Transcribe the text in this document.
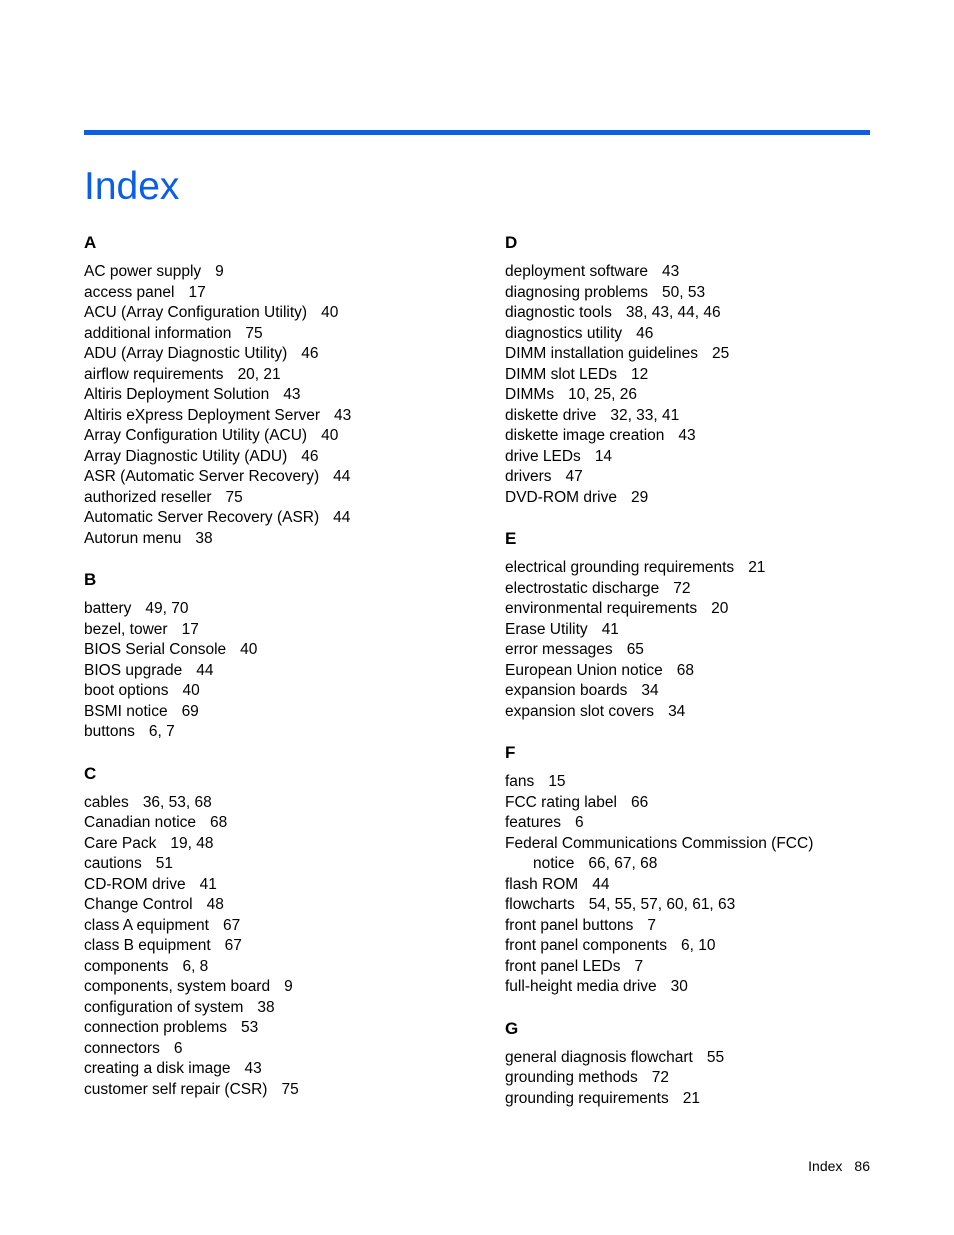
Index
A
AC power supply 9
access panel 17
ACU (Array Configuration Utility) 40
additional information 75
ADU (Array Diagnostic Utility) 46
airflow requirements 20, 21
Altiris Deployment Solution 43
Altiris eXpress Deployment Server 43
Array Configuration Utility (ACU) 40
Array Diagnostic Utility (ADU) 46
ASR (Automatic Server Recovery) 44
authorized reseller 75
Automatic Server Recovery (ASR) 44
Autorun menu 38
B
battery 49, 70
bezel, tower 17
BIOS Serial Console 40
BIOS upgrade 44
boot options 40
BSMI notice 69
buttons 6, 7
C
cables 36, 53, 68
Canadian notice 68
Care Pack 19, 48
cautions 51
CD-ROM drive 41
Change Control 48
class A equipment 67
class B equipment 67
components 6, 8
components, system board 9
configuration of system 38
connection problems 53
connectors 6
creating a disk image 43
customer self repair (CSR) 75
D
deployment software 43
diagnosing problems 50, 53
diagnostic tools 38, 43, 44, 46
diagnostics utility 46
DIMM installation guidelines 25
DIMM slot LEDs 12
DIMMs 10, 25, 26
diskette drive 32, 33, 41
diskette image creation 43
drive LEDs 14
drivers 47
DVD-ROM drive 29
E
electrical grounding requirements 21
electrostatic discharge 72
environmental requirements 20
Erase Utility 41
error messages 65
European Union notice 68
expansion boards 34
expansion slot covers 34
F
fans 15
FCC rating label 66
features 6
Federal Communications Commission (FCC)
notice 66, 67, 68
flash ROM 44
flowcharts 54, 55, 57, 60, 61, 63
front panel buttons 7
front panel components 6, 10
front panel LEDs 7
full-height media drive 30
G
general diagnosis flowchart 55
grounding methods 72
grounding requirements 21
Index 86
